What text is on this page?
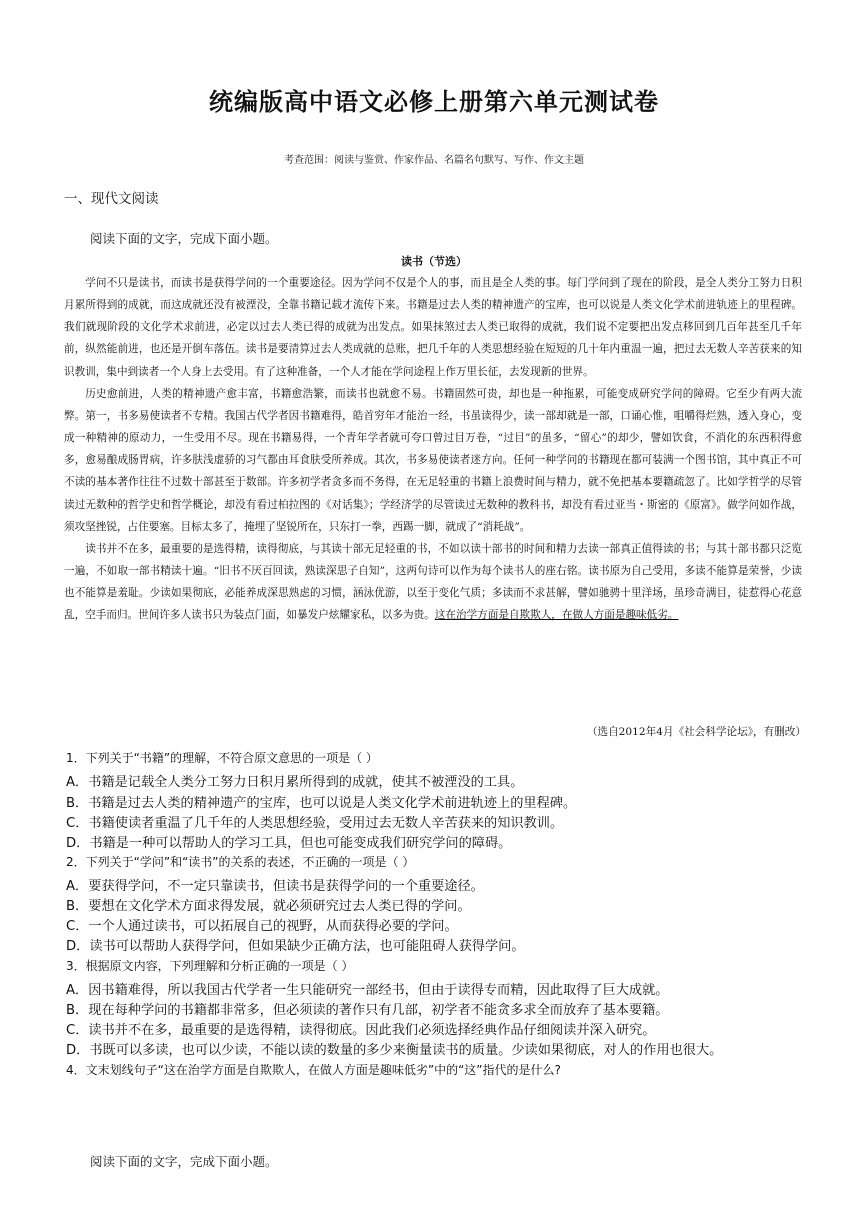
统编版高中语文必修上册第六单元测试卷
考查范围：阅读与鉴赏、作家作品、名篇名句默写、写作、作文主题
一、现代文阅读
阅读下面的文字，完成下面小题。
读书（节选）

学问不只是读书，而读书是获得学问的一个重要途径。因为学问不仅是个人的事，而且是全人类的事。每门学问到了现在的阶段，是全人类分工努力日积月累所得到的成就，而这成就还没有被湮没，全靠书籍记载才流传下来。书籍是过去人类的精神遗产的宝库，也可以说是人类文化学术前进轨迹上的里程碑。我们就现阶段的文化学术求前进，必定以过去人类已得的成就为出发点。如果抹煞过去人类已取得的成就，我们说不定要把出发点移回到几百年甚至几千年前，纵然能前进，也还是开倒车落伍。读书是要清算过去人类成就的总账，把几千年的人类思想经验在短短的几十年内重温一遍，把过去无数人辛苦获来的知识教训，集中到读者一个人身上去受用。有了这种准备，一个人才能在学问途程上作万里长征，去发现新的世界。

历史愈前进，人类的精神遗产愈丰富，书籍愈浩繁，而读书也就愈不易。书籍固然可贵，却也是一种拖累，可能变成研究学问的障碍。它至少有两大流弊。第一，书多易使读者不专精。我国古代学者因书籍难得，皓首穷年才能治一经，书虽读得少，读一部却就是一部，口诵心惟，咀嚼得烂熟，透入身心，变成一种精神的原动力，一生受用不尽。现在书籍易得，一个青年学者就可夸口曾过目万卷，“过目”的虽多，“留心”的却少，譬如饮食，不消化的东西积得愈多，愈易酿成肠胃病，许多肤浅虚骄的习气都由耳食肤受所养成。其次，书多易使读者迷方向。任何一种学问的书籍现在都可装满一个图书馆，其中真正不可不读的基本著作往往不过数十部甚至于数部。许多初学者贪多而不务得，在无足轻重的书籍上浪费时间与精力，就不免把基本要籍疏忽了。比如学哲学的尽管读过无数种的哲学史和哲学概论，却没有看过柏拉图的《对话集》；学经济学的尽管读过无数种的教科书，却没有看过亚当・斯密的《原富》。做学问如作战，须攻坚挫锐，占住要塞。目标太多了，掩埋了坚锐所在，只东打一拳，西踢一脚，就成了“消耗战”。

读书并不在多，最重要的是选得精，读得彻底，与其读十部无足轻重的书，不如以读十部书的时间和精力去读一部真正值得读的书；与其十部书都只泛览一遍，不如取一部书精读十遍。“旧书不厌百回读，熟读深思子自知”，这两句诗可以作为每个读书人的座右铭。读书原为自己受用，多读不能算是荣誉，少读也不能算是羞耻。少读如果彻底，必能养成深思熟虑的习惯，涵泳优游，以至于变化气质；多读而不求甚解，譬如驰骋十里洋场，虽珍奇满目，徒惹得心花意乱，空手而归。世间许多人读书只为装点门面，如暴发户炫耀家私，以多为贵。这在治学方面是自欺欺人，在做人方面是趣味低劣。

（选自2012年4月《社会科学论坛》，有删改）
1．下列关于“书籍”的理解，不符合原文意思的一项是（ ）
A．书籍是记载全人类分工努力日积月累所得到的成就，使其不被湮没的工具。
B．书籍是过去人类的精神遗产的宝库，也可以说是人类文化学术前进轨迹上的里程碑。
C．书籍使读者重温了几千年的人类思想经验，受用过去无数人辛苦获来的知识教训。
D．书籍是一种可以帮助人的学习工具，但也可能变成我们研究学问的障碍。
2．下列关于“学问”和“读书”的关系的表述，不正确的一项是（ ）
A．要获得学问，不一定只靠读书，但读书是获得学问的一个重要途径。
B．要想在文化学术方面求得发展，就必须研究过去人类已得的学问。
C．一个人通过读书，可以拓展自己的视野，从而获得必要的学问。
D．读书可以帮助人获得学问，但如果缺少正确方法，也可能阻碍人获得学问。
3．根据原文内容，下列理解和分析正确的一项是（ ）
A．因书籍难得，所以我国古代学者一生只能研究一部经书，但由于读得专而精，因此取得了巨大成就。
B．现在每种学问的书籍都非常多，但必须读的著作只有几部，初学者不能贪多求全而放弃了基本要籍。
C．读书并不在多，最重要的是选得精，读得彻底。因此我们必须选择经典作品仔细阅读并深入研究。
D．书既可以多读，也可以少读，不能以读的数量的多少来衡量读书的质量。少读如果彻底，对人的作用也很大。
4．文末划线句子“这在治学方面是自欺欺人，在做人方面是趣味低劣”中的“这”指代的是什么?
阅读下面的文字，完成下面小题。
